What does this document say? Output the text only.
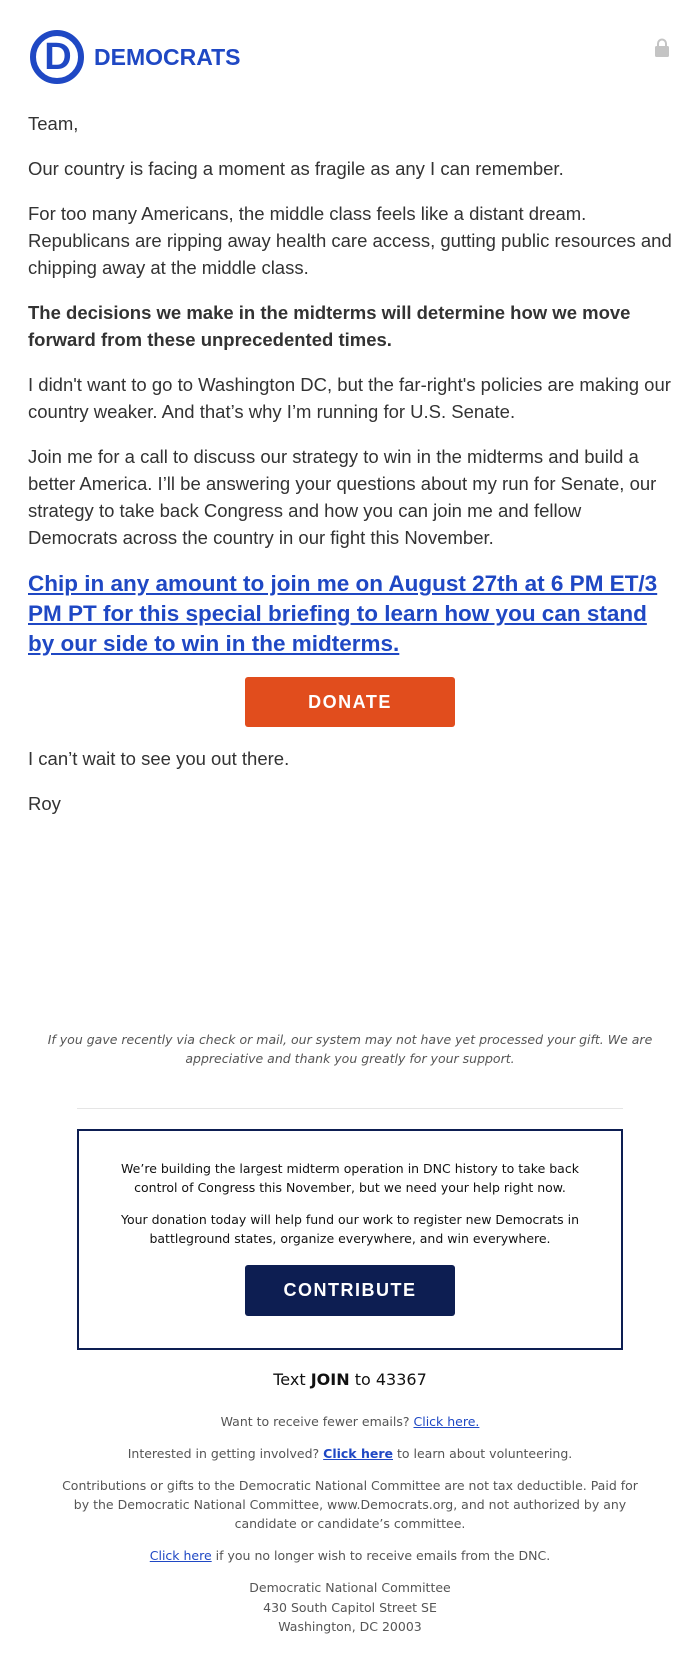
D DEMOCRATS

Team,

Our country is facing a moment as fragile as any I can remember.

For too many Americans, the middle class feels like a distant dream. Republicans are ripping away health care access, gutting public resources and chipping away at the middle class.

The decisions we make in the midterms will determine how we move forward from these unprecedented times.

I didn't want to go to Washington DC, but the far-right's policies are making our country weaker. And that’s why I’m running for U.S. Senate.

Join me for a call to discuss our strategy to win in the midterms and build a better America. I’ll be answering your questions about my run for Senate, our strategy to take back Congress and how you can join me and fellow Democrats across the country in our fight this November.

Chip in any amount to join me on August 27th at 6 PM ET/3 PM PT for this special briefing to learn how you can stand by our side to win in the midterms.
DONATE

I can’t wait to see you out there.

Roy

If you gave recently via check or mail, our system may not have yet processed your gift. We are appreciative and thank you greatly for your support.

We’re building the largest midterm operation in DNC history to take back control of Congress this November, but we need your help right now.

Your donation today will help fund our work to register new Democrats in battleground states, organize everywhere, and win everywhere.

CONTRIBUTE
Text JOIN to 43367

Want to receive fewer emails? Click here.

Interested in getting involved? Click here to learn about volunteering.

Contributions or gifts to the Democratic National Committee are not tax deductible. Paid for by the Democratic National Committee, www.Democrats.org, and not authorized by any candidate or candidate’s committee.

Click here if you no longer wish to receive emails from the DNC.

Democratic National Committee
430 South Capitol Street SE
Washington, DC 20003
